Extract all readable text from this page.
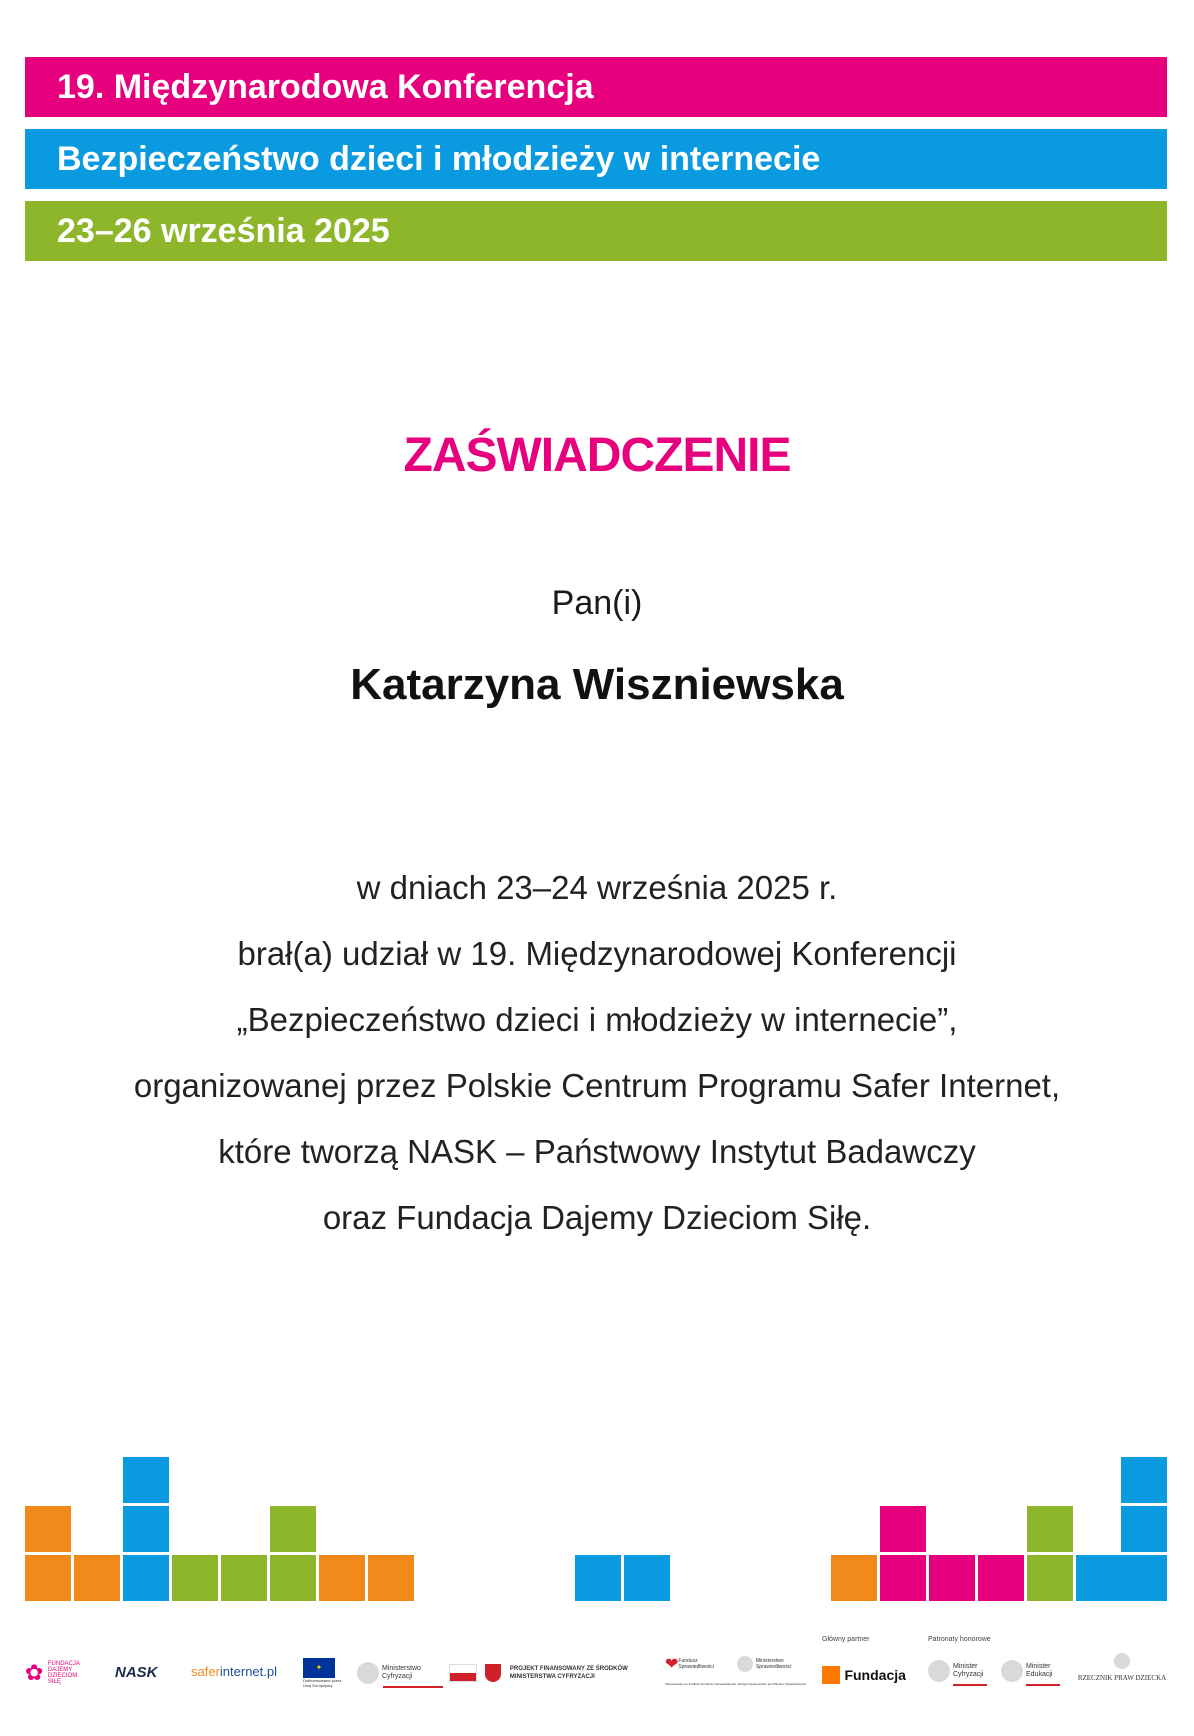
19. Międzynarodowa Konferencja
Bezpieczeństwo dzieci i młodzieży w internecie
23–26 września 2025
ZAŚWIADCZENIE
Pan(i)
Katarzyna Wiszniewska
w dniach 23–24 września 2025 r.
brał(a) udział w 19. Międzynarodowej Konferencji
„Bezpieczeństwo dzieci i młodzieży w internecie”,
organizowanej przez Polskie Centrum Programu Safer Internet,
które tworzą NASK – Państwowy Instytut Badawczy
oraz Fundacja Dajemy Dzieciom Siłę.
✿ FUNDACJA DAJEMY DZIECIOM SIŁĘ
NASK	saferinternet.pl	✦
Dofinansowane przez Unię Europejską
Ministerstwo Cyfryzacji

PROJEKT FINANSOWANY ZE ŚRODKÓW
MINISTERSTWA CYFRYZACJI
❤Fundusz Sprawiedliwości Ministerstwo Sprawiedliwości
Sfinansowano ze środków Funduszu Sprawiedliwości, którego Dysponentem jest Minister Sprawiedliwości
Główny partner
Fundacja
Patronaty honorowe
Minister Cyfryzacji
Minister Edukacji	RZECZNIK PRAW DZIECKA
